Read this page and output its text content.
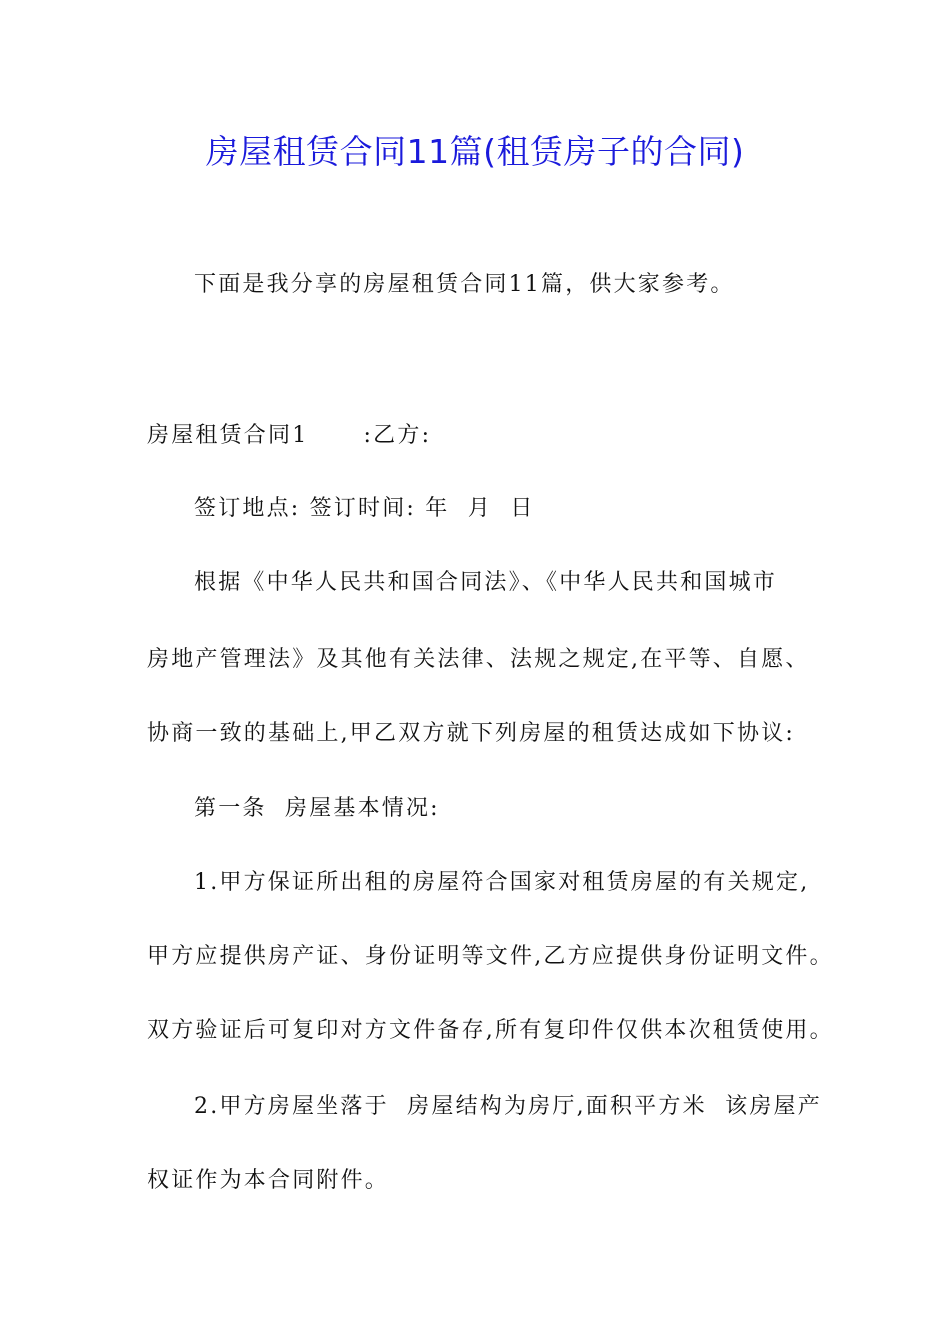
房屋租赁合同11篇(租赁房子的合同)
下面是我分享的房屋租赁合同11篇，供大家参考。
房屋租赁合同1      :乙方:
签订地点: 签订时间: 年  月  日
根据《中华人民共和国合同法》、《中华人民共和国城市
房地产管理法》及其他有关法律、法规之规定,在平等、自愿、
协商一致的基础上,甲乙双方就下列房屋的租赁达成如下协议:
第一条  房屋基本情况:
1.甲方保证所出租的房屋符合国家对租赁房屋的有关规定,
甲方应提供房产证、身份证明等文件,乙方应提供身份证明文件。
双方验证后可复印对方文件备存,所有复印件仅供本次租赁使用。
2.甲方房屋坐落于  房屋结构为房厅,面积平方米  该房屋产
权证作为本合同附件。
